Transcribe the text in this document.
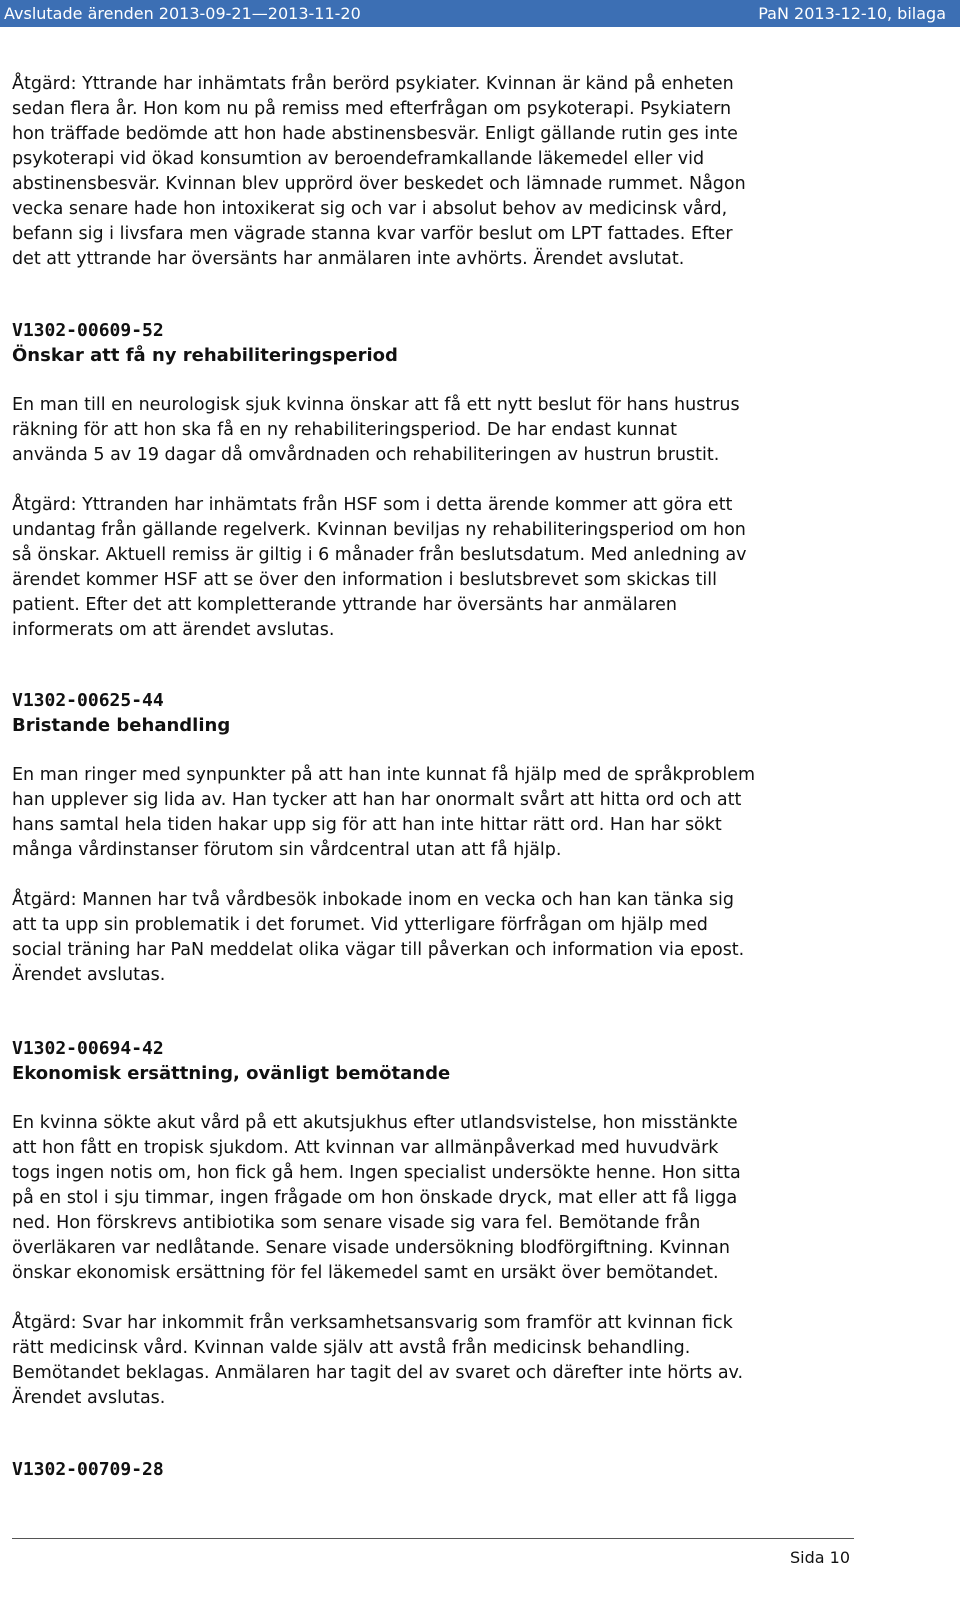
Avslutade ärenden 2013-09-21—2013-11-20	PaN 2013-12-10, bilaga

Åtgärd: Yttrande har inhämtats från berörd psykiater. Kvinnan är känd på enheten
sedan flera år. Hon kom nu på remiss med efterfrågan om psykoterapi. Psykiatern
hon träffade bedömde att hon hade abstinensbesvär. Enligt gällande rutin ges inte
psykoterapi vid ökad konsumtion av beroendeframkallande läkemedel eller vid
abstinensbesvär. Kvinnan blev upprörd över beskedet och lämnade rummet. Någon
vecka senare hade hon intoxikerat sig och var i absolut behov av medicinsk vård,
befann sig i livsfara men vägrade stanna kvar varför beslut om LPT fattades. Efter
det att yttrande har översänts har anmälaren inte avhörts. Ärendet avslutat.

V1302-00609-52

Önskar att få ny rehabiliteringsperiod

En man till en neurologisk sjuk kvinna önskar att få ett nytt beslut för hans hustrus
räkning för att hon ska få en ny rehabiliteringsperiod. De har endast kunnat
använda 5 av 19 dagar då omvårdnaden och rehabiliteringen av hustrun brustit.

Åtgärd: Yttranden har inhämtats från HSF som i detta ärende kommer att göra ett
undantag från gällande regelverk. Kvinnan beviljas ny rehabiliteringsperiod om hon
så önskar. Aktuell remiss är giltig i 6 månader från beslutsdatum. Med anledning av
ärendet kommer HSF att se över den information i beslutsbrevet som skickas till
patient. Efter det att kompletterande yttrande har översänts har anmälaren
informerats om att ärendet avslutas.

V1302-00625-44

Bristande behandling

En man ringer med synpunkter på att han inte kunnat få hjälp med de språkproblem
han upplever sig lida av. Han tycker att han har onormalt svårt att hitta ord och att
hans samtal hela tiden hakar upp sig för att han inte hittar rätt ord. Han har sökt
många vårdinstanser förutom sin vårdcentral utan att få hjälp.

Åtgärd: Mannen har två vårdbesök inbokade inom en vecka och han kan tänka sig
att ta upp sin problematik i det forumet. Vid ytterligare förfrågan om hjälp med
social träning har PaN meddelat olika vägar till påverkan och information via epost.
Ärendet avslutas.

V1302-00694-42

Ekonomisk ersättning, ovänligt bemötande

En kvinna sökte akut vård på ett akutsjukhus efter utlandsvistelse, hon misstänkte
att hon fått en tropisk sjukdom. Att kvinnan var allmänpåverkad med huvudvärk
togs ingen notis om, hon fick gå hem. Ingen specialist undersökte henne. Hon sitta
på en stol i sju timmar, ingen frågade om hon önskade dryck, mat eller att få ligga
ned. Hon förskrevs antibiotika som senare visade sig vara fel. Bemötande från
överläkaren var nedlåtande. Senare visade undersökning blodförgiftning. Kvinnan
önskar ekonomisk ersättning för fel läkemedel samt en ursäkt över bemötandet.

Åtgärd: Svar har inkommit från verksamhetsansvarig som framför att kvinnan fick
rätt medicinsk vård. Kvinnan valde själv att avstå från medicinsk behandling.
Bemötandet beklagas. Anmälaren har tagit del av svaret och därefter inte hörts av.
Ärendet avslutas.

V1302-00709-28

Sida 10
